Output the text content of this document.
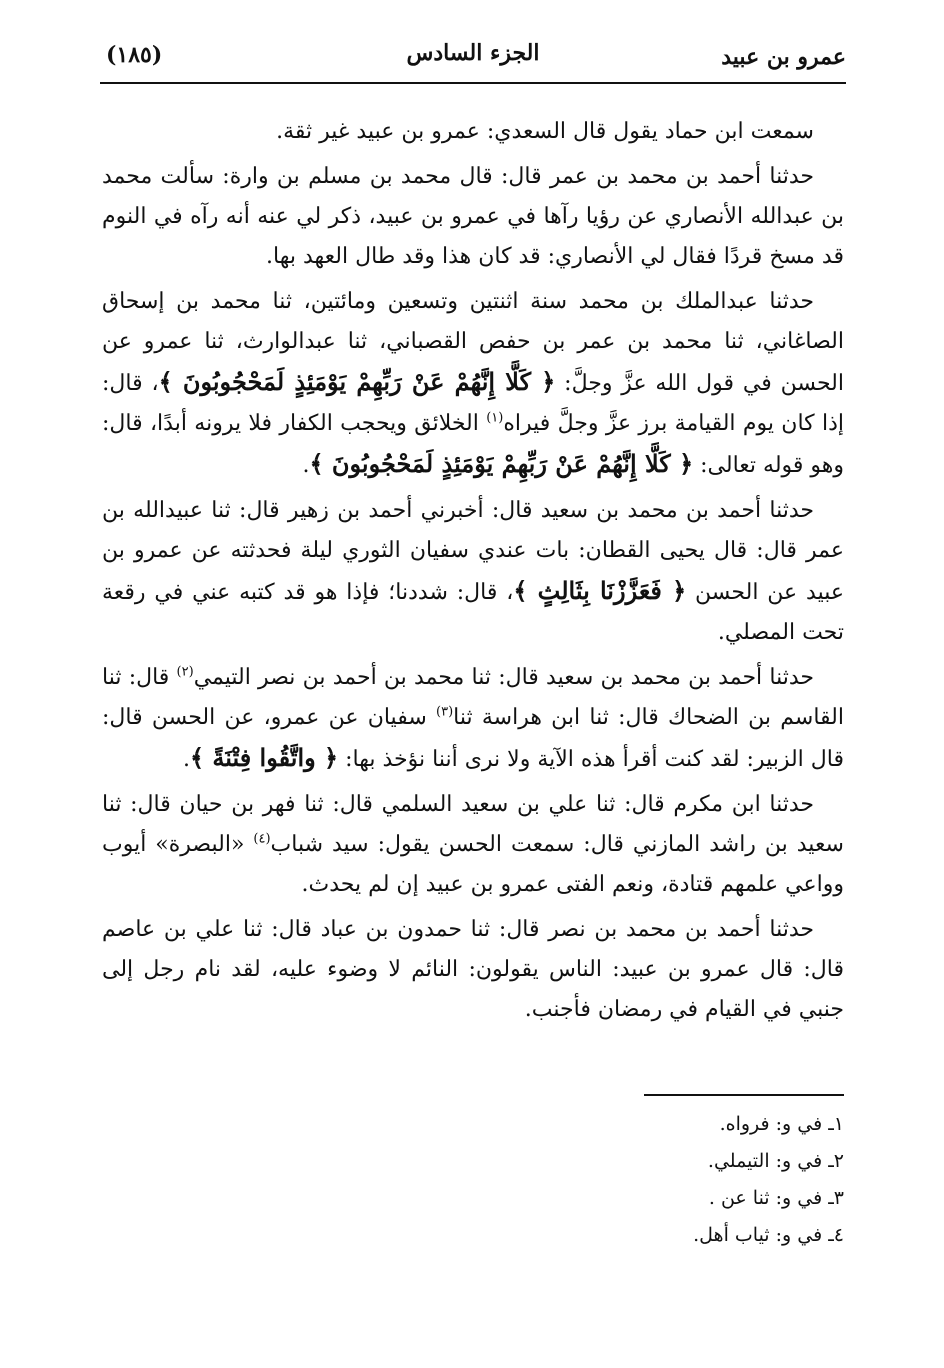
عمرو بن عبيد
الجزء السادس
(١٨٥)

سمعت ابن حماد يقول قال السعدي: عمرو بن عبيد غير ثقة.

حدثنا أحمد بن محمد بن عمر قال: قال محمد بن مسلم بن وارة: سألت محمد بن عبدالله الأنصاري عن رؤيا رآها في عمرو بن عبيد، ذكر لي عنه أنه رآه في النوم قد مسخ قردًا فقال لي الأنصاري: قد كان هذا وقد طال العهد بها.

حدثنا عبدالملك بن محمد سنة اثنتين وتسعين ومائتين، ثنا محمد بن إسحاق الصاغاني، ثنا محمد بن عمر بن حفص القصباني، ثنا عبدالوارث، ثنا عمرو عن الحسن في قول الله عزَّ وجلَّ: ﴿ كَلَّا إِنَّهُمْ عَنْ رَبِّهِمْ يَوْمَئِذٍ لَمَحْجُوبُونَ ﴾، قال: إذا كان يوم القيامة برز عزَّ وجلَّ فيراه$^{(١)}$ الخلائق ويحجب الكفار فلا يرونه أبدًا، قال: وهو قوله تعالى: ﴿ كَلَّا إِنَّهُمْ عَنْ رَبِّهِمْ يَوْمَئِذٍ لَمَحْجُوبُونَ ﴾.

حدثنا أحمد بن محمد بن سعيد قال: أخبرني أحمد بن زهير قال: ثنا عبيدالله بن عمر قال: قال يحيى القطان: بات عندي سفيان الثوري ليلة فحدثته عن عمرو بن عبيد عن الحسن ﴿ فَعَزَّزْنَا بِثَالِثٍ ﴾، قال: شددنا؛ فإذا هو قد كتبه عني في رقعة تحت المصلي.

حدثنا أحمد بن محمد بن سعيد قال: ثنا محمد بن أحمد بن نصر التيمي$^{(٢)}$ قال: ثنا القاسم بن الضحاك قال: ثنا ابن هراسة ثنا$^{(٣)}$ سفيان عن عمرو، عن الحسن قال: قال الزبير: لقد كنت أقرأ هذه الآية ولا نرى أننا نؤخذ بها: ﴿ واتَّقُوا فِتْنَةً ﴾.

حدثنا ابن مكرم قال: ثنا علي بن سعيد السلمي قال: ثنا فهر بن حيان قال: ثنا سعيد بن راشد المازني قال: سمعت الحسن يقول: سيد شباب$^{(٤)}$ «البصرة» أيوب وواعي علمهم قتادة، ونعم الفتى عمرو بن عبيد إن لم يحدث.

حدثنا أحمد بن محمد بن نصر قال: ثنا حمدون بن عباد قال: ثنا علي بن عاصم قال: قال عمرو بن عبيد: الناس يقولون: النائم لا وضوء عليه، لقد نام رجل إلى جنبي في القيام في رمضان فأجنب.

١ـ في و: فرواه.
٢ـ في و: التيملي.
٣ـ في و: ثنا عن .
٤ـ في و: ثياب أهل.
